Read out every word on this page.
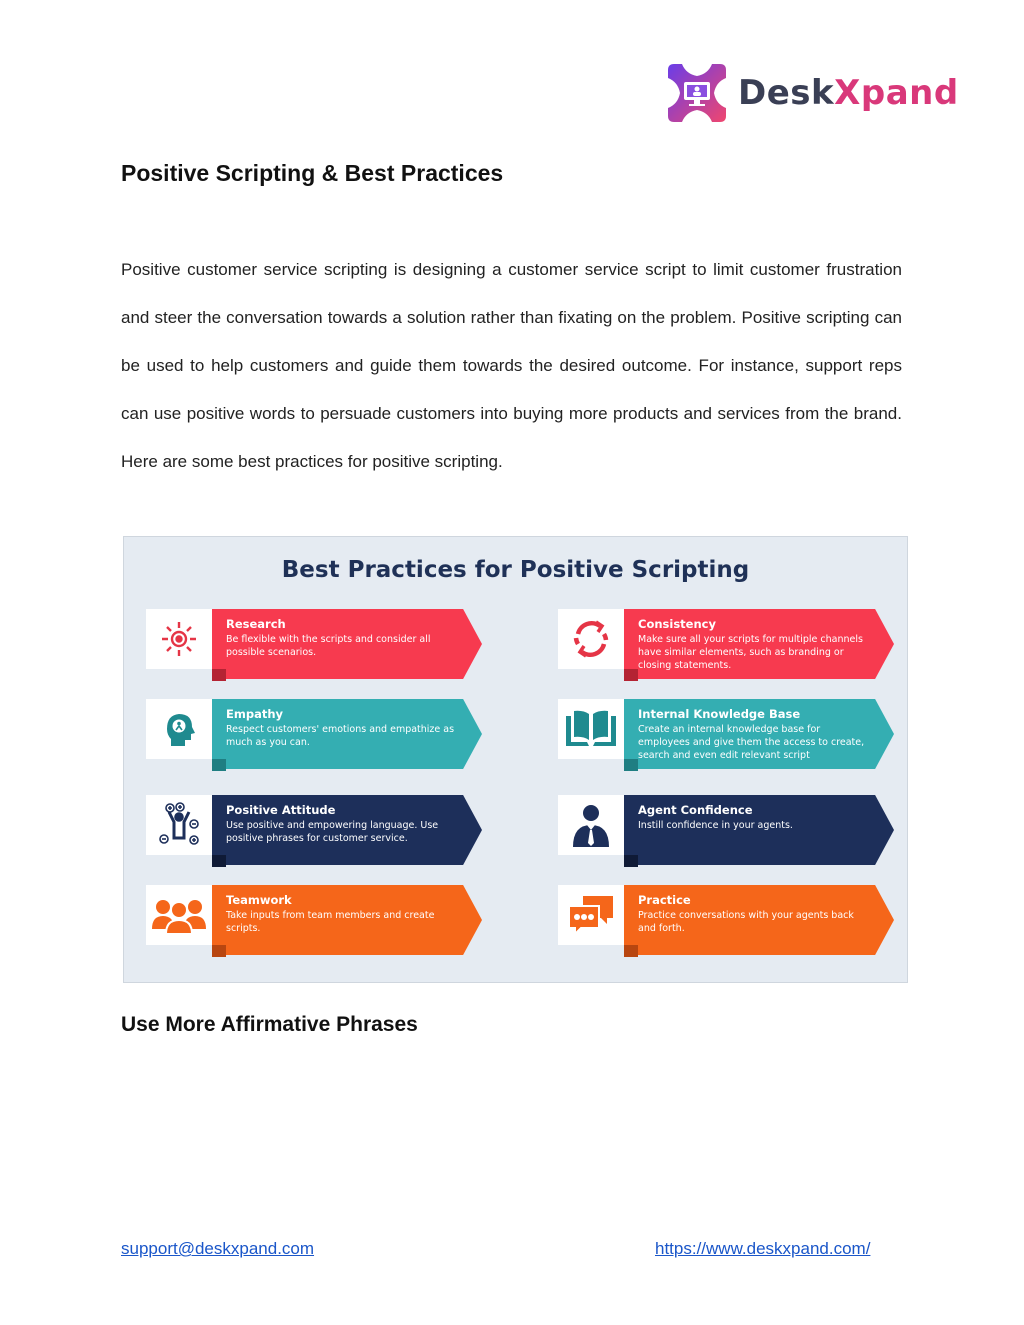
DeskXpand
Positive Scripting & Best Practices

Positive customer service scripting is designing a customer service script to limit customer frustration and steer the conversation towards a solution rather than fixating on the problem. Positive scripting can be used to help customers and guide them towards the desired outcome. For instance, support reps can use positive words to persuade customers into buying more products and services from the brand. Here are some best practices for positive scripting.

Best Practices for Positive Scripting
Research
Be flexible with the scripts and consider all possible scenarios.
Empathy
Respect customers' emotions and empathize as much as you can.
Positive Attitude
Use positive and empowering language. Use positive phrases for customer service.
Teamwork
Take inputs from team members and create scripts.
Consistency
Make sure all your scripts for multiple channels have similar elements, such as branding or closing statements.
Internal Knowledge Base
Create an internal knowledge base for employees and give them the access to create, search and even edit relevant script
Agent Confidence
Instill confidence in your agents.
Practice
Practice conversations with your agents back and forth.
Use More Affirmative Phrases
support@deskxpand.com	https://www.deskxpand.com/
